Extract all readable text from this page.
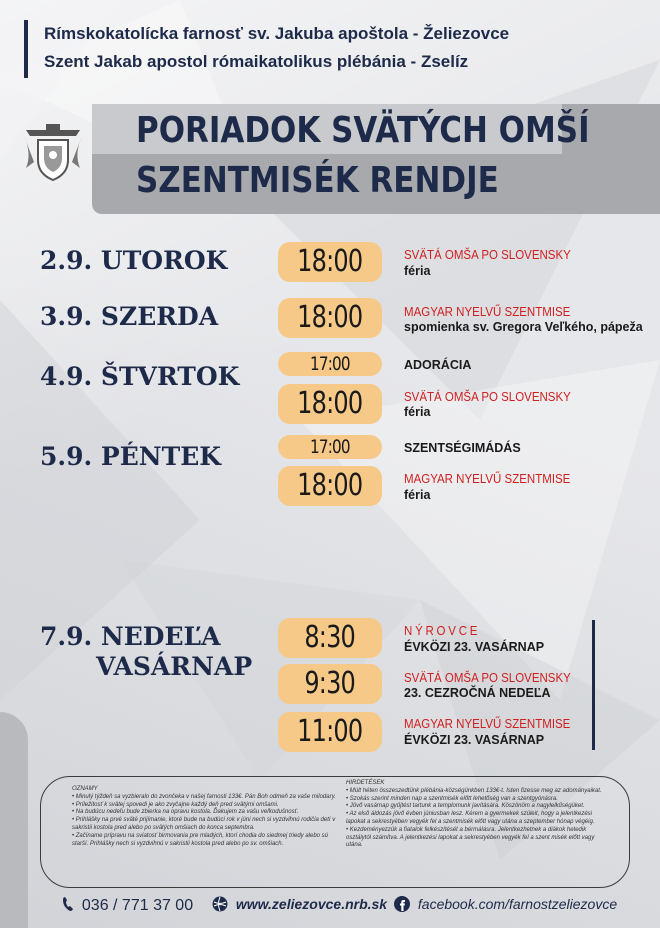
Rímskokatolícka farnosť sv. Jakuba apoštola - Želiezovce
Szent Jakab apostol rómaikatolikus plébánia - Zselíz
PORIADOK SVÄTÝCH OMŠÍ
SZENTMISÉK RENDJE
2.9. UTOROK	18:00	SVÄTÁ OMŠA PO SLOVENSKY
féria
3.9. SZERDA	18:00	MAGYAR NYELVŰ SZENTMISE
spomienka sv. Gregora Veľkého, pápeža
4.9. ŠTVRTOK	17:00	ADORÁCIA
18:00	SVÄTÁ OMŠA PO SLOVENSKY
féria
5.9. PÉNTEK	17:00	SZENTSÉGIMÁDÁS
18:00	MAGYAR NYELVŰ SZENTMISE
féria
7.9. NEDEĽA
VASÁRNAP
8:30	NÝROVCE
ÉVKÖZI 23. VASÁRNAP
9:30	SVÄTÁ OMŠA PO SLOVENSKY
23. CEZROČNÁ NEDEĽA
11:00	MAGYAR NYELVŰ SZENTMISE
ÉVKÖZI 23. VASÁRNAP
OZNAMY
• Minulý týždeň sa vyzbieralo do zvončeka v našej farnosti 133€. Pán Boh odmeň za vaše milodary.
• Príležitosť k svätej spovedi je ako zvyčajne každý deň pred svätými omšami.
• Na budúcu nedeľu bude zbierka na opravu kostola. Ďakujem za vašu veľkodušnosť.
• Prihlášky na prvé sväté prijímanie, ktoré bude na budúci rok v júni nech si vyzdvihnú rodičia detí v sakristii kostola pred alebo po svätých omšiach do konca septembra.
• Začíname prípravu na sviatosť birmovania pre mladých, ktorí chodia do siedmej triedy alebo sú starší. Prihlášky nech si vyzdvihnú v sakristii kostola pred alebo po sv. omšiach.
HIRDETÉSEK
• Múlt héten összeszedtünk plébánia-községünkben 133€-t. Isten fizesse meg az adományaikat.
• Szokás szerint minden nap a szentmisék előtt lehetőség van a szentgyónásra.
• Jövő vasárnap gyűjtést tartunk a templomunk javítására. Köszönöm a nagylelkűségüket.
• Az első áldozás jövő évben júniusban lesz. Kérem a gyermekek szüleit, hogy a jelentkezési lapokat a sekrestyében vegyék fel a szentmisék előtt vagy utána a szeptember hónap végéig.
• Kezdeményezzük a fiatalok felkészítését a bérmálásra. Jelentkezhetnek a diákok hetedik osztálytól számítva. A jelentkezési lapokat a sekrestyében vegyék fel a szent misék előtt vagy utána.
036 / 771 37 00	www.zeliezovce.nrb.sk	facebook.com/farnostzeliezovce
